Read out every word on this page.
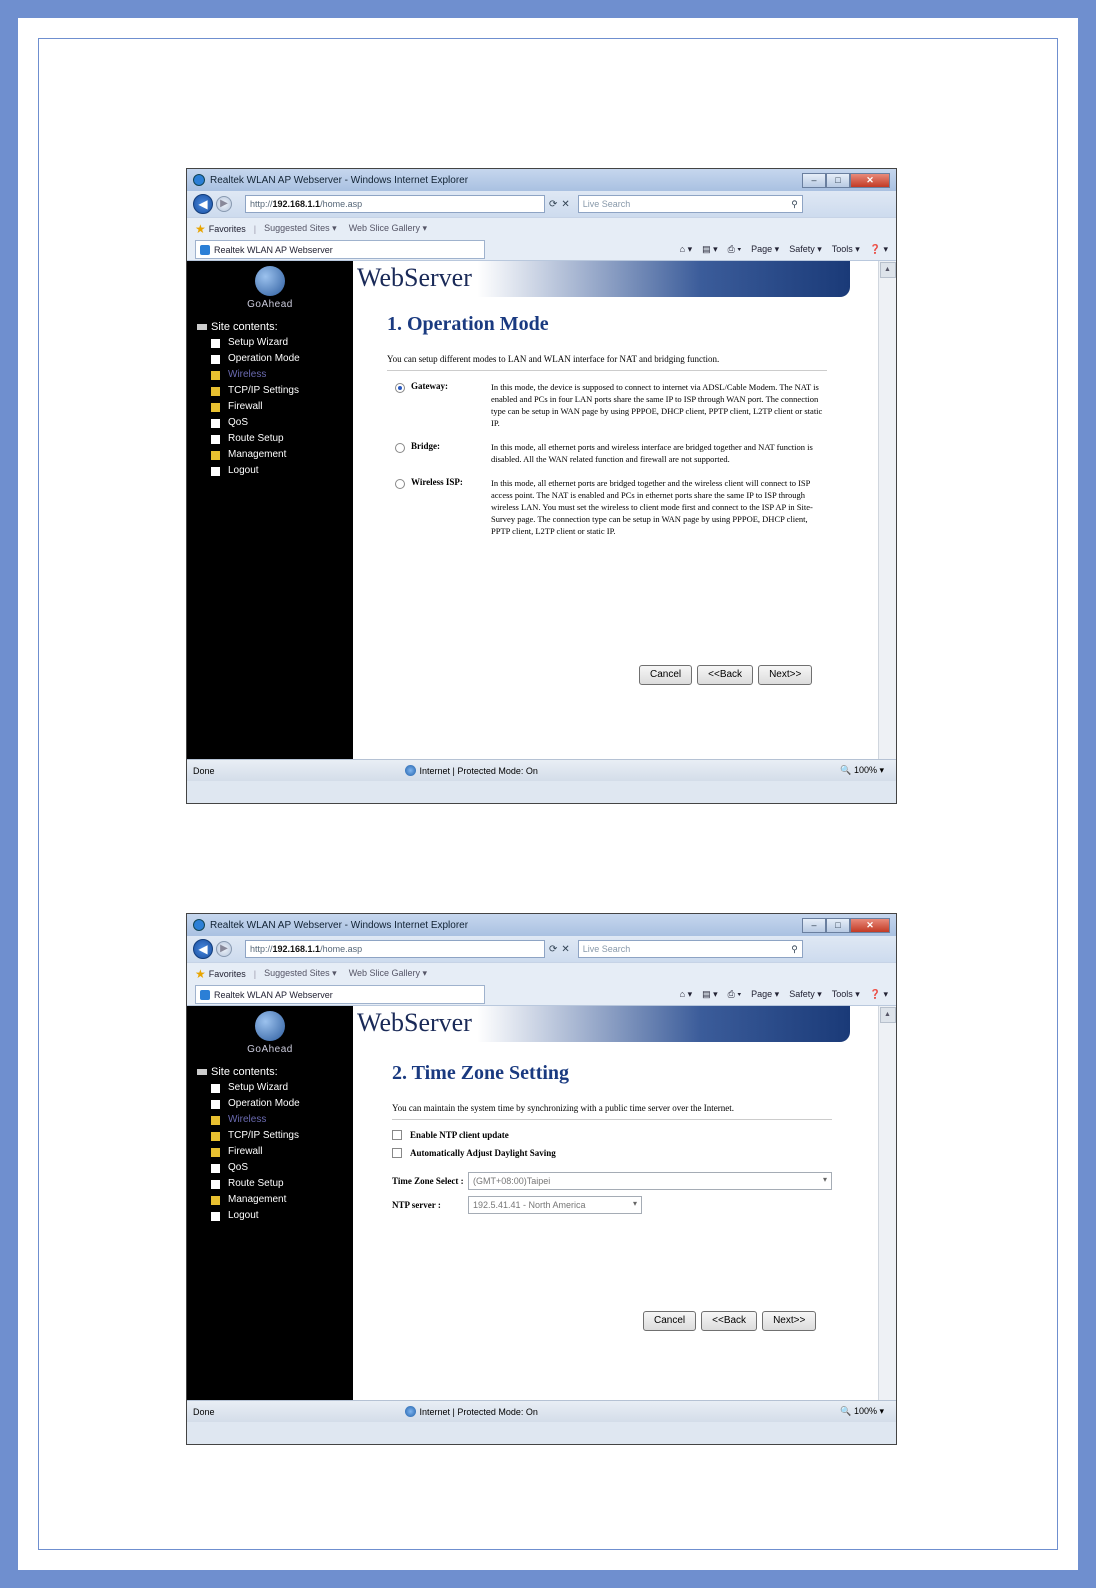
Realtek WLAN AP Webserver - Windows Internet Explorer	–	□	✕
◀	▶	http:// 192.168.1.1 /home.asp	⟳ ✕ Live Search	⚲
★ Favorites | Suggested Sites ▾ Web Slice Gallery ▾
Realtek WLAN AP Webserver	⌂ ▾ ▤ ▾ ⎙ ▾ Page ▾ Safety ▾ Tools ▾ ❓ ▾
GoAhead
Site contents:
Setup Wizard
Operation Mode
Wireless
TCP/IP Settings
Firewall
QoS
Route Setup
Management
Logout
WebServer	▲
1. Operation Mode
You can setup different modes to LAN and WLAN interface for NAT and bridging function.
Gateway:	In this mode, the device is supposed to connect to internet via ADSL/Cable Modem. The NAT is enabled and PCs in four LAN ports share the same IP to ISP through WAN port. The connection type can be setup in WAN page by using PPPOE, DHCP client, PPTP client, L2TP client or static IP.
Bridge:	In this mode, all ethernet ports and wireless interface are bridged together and NAT function is disabled. All the WAN related function and firewall are not supported.
Wireless ISP:	In this mode, all ethernet ports are bridged together and the wireless client will connect to ISP access point. The NAT is enabled and PCs in ethernet ports share the same IP to ISP through wireless LAN. You must set the wireless to client mode first and connect to the ISP AP in Site-Survey page. The connection type can be setup in WAN page by using PPPOE, DHCP client, PPTP client, L2TP client or static IP.
Cancel	<<Back	Next>>
Done	Internet | Protected Mode: On	🔍 100% ▾
Realtek WLAN AP Webserver - Windows Internet Explorer	–	□	✕
◀	▶	http:// 192.168.1.1 /home.asp	⟳ ✕ Live Search	⚲
★ Favorites | Suggested Sites ▾ Web Slice Gallery ▾
Realtek WLAN AP Webserver	⌂ ▾ ▤ ▾ ⎙ ▾ Page ▾ Safety ▾ Tools ▾ ❓ ▾
GoAhead
Site contents:
Setup Wizard
Operation Mode
Wireless
TCP/IP Settings
Firewall
QoS
Route Setup
Management
Logout
WebServer	▲
2. Time Zone Setting
You can maintain the system time by synchronizing with a public time server over the Internet.
Enable NTP client update
Automatically Adjust Daylight Saving
Time Zone Select :	(GMT+08:00)Taipei
▾
NTP server :	192.5.41.41 - North America
▾
Cancel	<<Back	Next>>
Done	Internet | Protected Mode: On	🔍 100% ▾
